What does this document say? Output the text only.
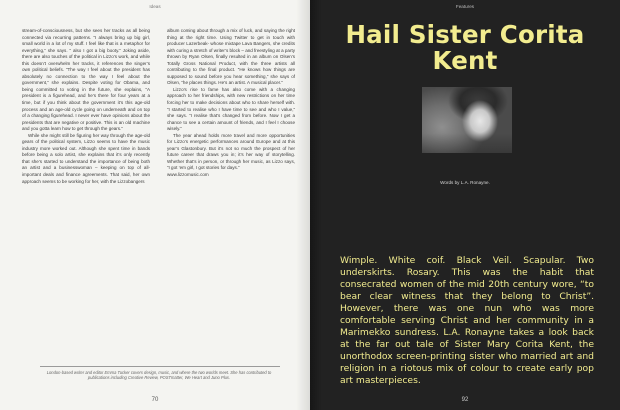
Ideas

stream-of-consciousness, but she sees her tracks as all being connected via recurring patterns. “I always bring up big girl, small world in a lot of my stuff. I feel like that is a metaphor for everything,” she says. “ also I got a big booty.” Joking aside, there are also touches of the political in Lizzo’s work, and while this doesn’t overwhelm her tracks, it references the singer’s own political beliefs. “The way I feel about the president has absolutely no connection to the way I feel about the government,” she explains. Despite voting for Obama, and being committed to voting in the future, she explains, “A president is a figurehead, and he’s there for four years at a time, but if you think about the government it’s this age-old process and an age-old cycle going on underneath and on top of a changing figurehead. I never ever have opinions about the presidents that are negative or positive. This is an old machine and you gotta learn how to get through the gears.”

While she might still be figuring her way through the age-old gears of the political system, Lizzo seems to have the music industry more worked out. Although she spent time in bands before being a solo artist, she explains that it’s only recently that she’s started to understand the importance of being both an artist and a businesswoman – keeping on top of all-important deals and finance agreements. That said, her own approach seems to be working for her, with the Lizzobangers

album coming about through a mix of luck, and saying the right thing at the right time. Using Twitter to get in touch with producer Lazerbeak- whose mixtape Lava Bangers, she credits with curing a stretch of writer’s block – and freestyling at a party thrown by Ryan Olsen, finally resulted in an album on Olsen’s Totally Gross National Product, with the three artists all contributing to the final product. “He knows how things are supposed to sound before you hear something,” she says of Olsen, “he places things. He’s an artist. A musical placer.”

Lizzo’s rise to fame has also come with a changing approach to her friendships, with new restrictions on her time forcing her to make decisions about who to share herself with. “I started to realise who I have time to see and who I value,” she says. “I realise that’s changed from before. Now I get a chance to see a certain amount of friends, and I feel I choose wisely.”

The year ahead holds more travel and more opportunities for Lizzo’s energetic performances around Europe and at this year’s Glastonbury. But it’s not so much the prospect of her future career that draws you in; it’s her way of storytelling. Whether that’s in person, or through her music, as Lizzo says, “I got ’em girl, I got stories for days.”

www.lizzomusic.com

London-based writer and editor Emma Tucker covers design, music, and where the two worlds meet. She has contributed to publications including Creative Review, POSTmatter, We Heart and Juno Plus.
70
Features
Hail Sister Corita Kent
Words by L.A. Ronayne.

Wimple. White coif. Black Veil. Scapular. Two underskirts. Rosary. This was the habit that consecrated women of the mid 20th century wore, “to bear clear witness that they belong to Christ”. However, there was one nun who was more comfortable serving Christ and her community in a Marimekko sundress. L.A. Ronayne takes a look back at the far out tale of Sister Mary Corita Kent, the unorthodox screen-printing sister who married art and religion in a riotous mix of colour to create early pop art masterpieces.

92
